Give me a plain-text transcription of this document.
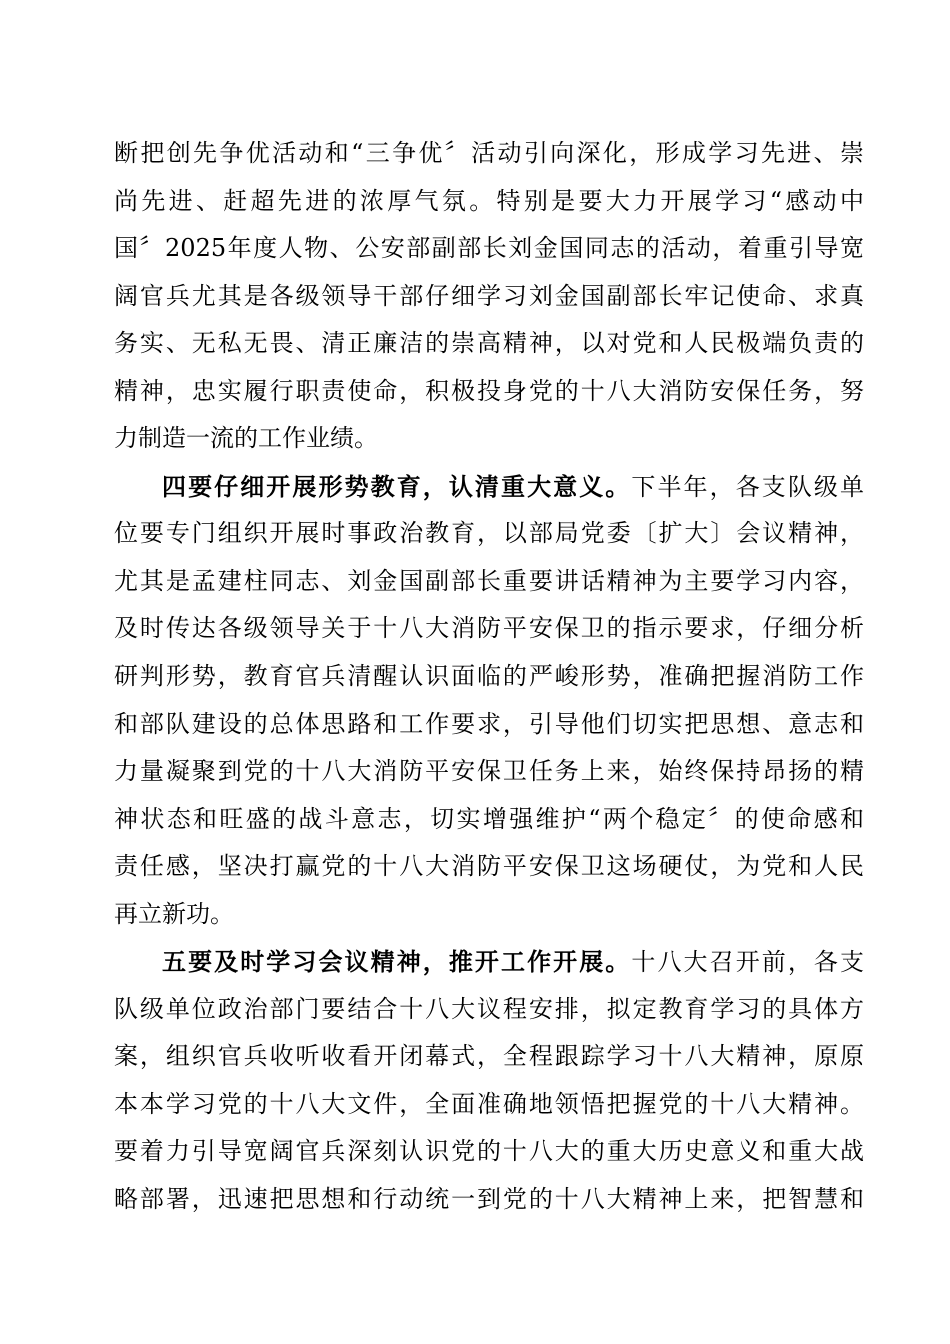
断把创先争优活动和“三争优〞活动引向深化，形成学习先进、崇
尚先进、赶超先进的浓厚气氛。特别是要大力开展学习“感动中
国〞2025年度人物、公安部副部长刘金国同志的活动，着重引导宽
阔官兵尤其是各级领导干部仔细学习刘金国副部长牢记使命、求真
务实、无私无畏、清正廉洁的崇高精神，以对党和人民极端负责的
精神，忠实履行职责使命，积极投身党的十八大消防安保任务，努
力制造一流的工作业绩。
四要仔细开展形势教育，认清重大意义。下半年，各支队级单
位要专门组织开展时事政治教育，以部局党委〔扩大〕会议精神，
尤其是孟建柱同志、刘金国副部长重要讲话精神为主要学习内容，
及时传达各级领导关于十八大消防平安保卫的指示要求，仔细分析
研判形势，教育官兵清醒认识面临的严峻形势，准确把握消防工作
和部队建设的总体思路和工作要求，引导他们切实把思想、意志和
力量凝聚到党的十八大消防平安保卫任务上来，始终保持昂扬的精
神状态和旺盛的战斗意志，切实增强维护“两个稳定〞的使命感和
责任感，坚决打赢党的十八大消防平安保卫这场硬仗，为党和人民
再立新功。
五要及时学习会议精神，推开工作开展。十八大召开前，各支
队级单位政治部门要结合十八大议程安排，拟定教育学习的具体方
案，组织官兵收听收看开闭幕式，全程跟踪学习十八大精神，原原
本本学习党的十八大文件，全面准确地领悟把握党的十八大精神。
要着力引导宽阔官兵深刻认识党的十八大的重大历史意义和重大战
略部署，迅速把思想和行动统一到党的十八大精神上来，把智慧和
